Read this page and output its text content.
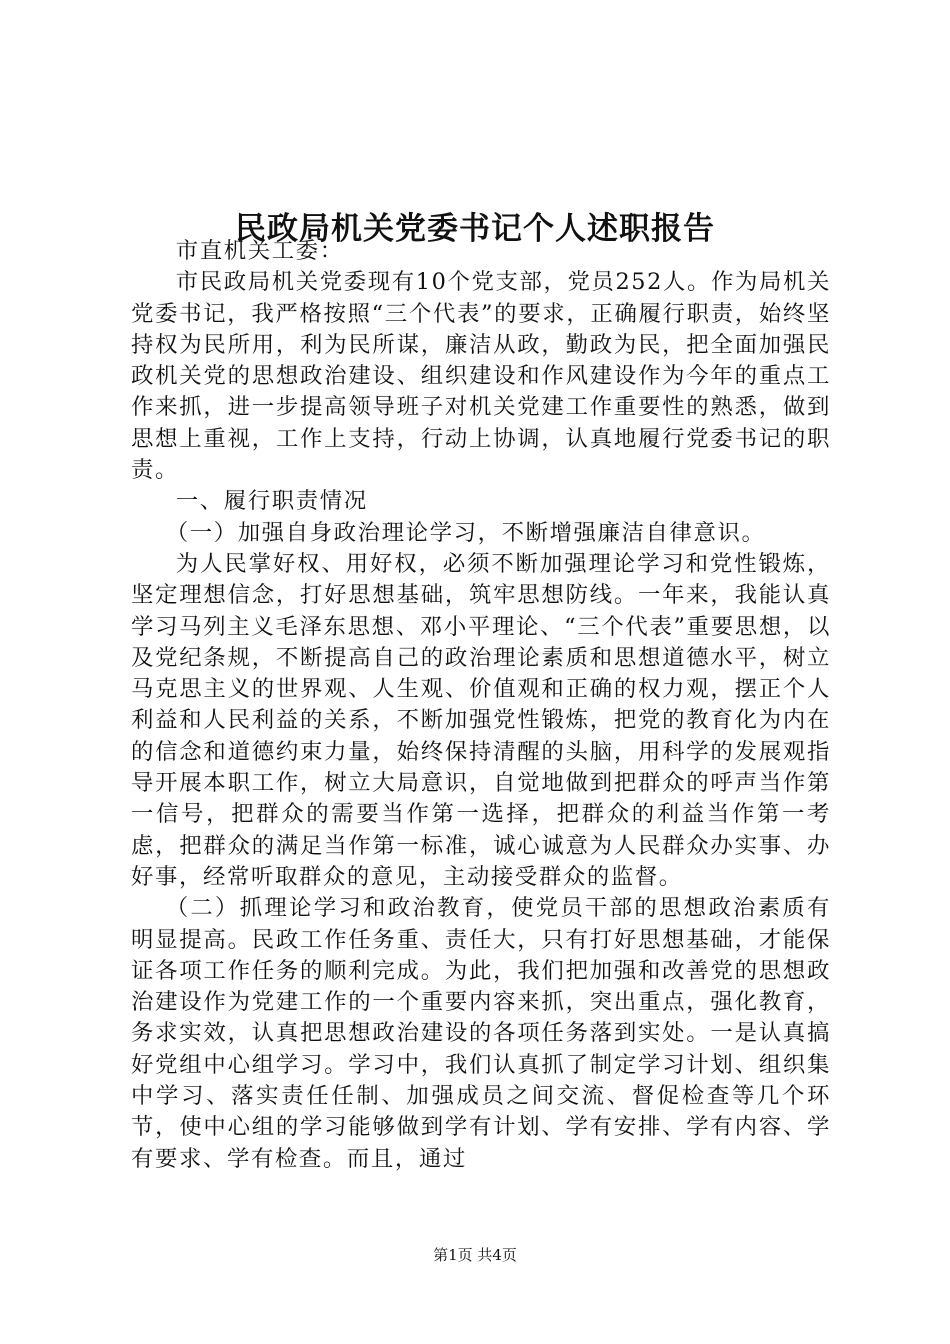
民政局机关党委书记个人述职报告

市直机关工委：

市民政局机关党委现有10个党支部，党员252人。作为局机关党委书记，我严格按照“三个代表”的要求，正确履行职责，始终坚持权为民所用，利为民所谋，廉洁从政，勤政为民，把全面加强民政机关党的思想政治建设、组织建设和作风建设作为今年的重点工作来抓，进一步提高领导班子对机关党建工作重要性的熟悉，做到思想上重视，工作上支持，行动上协调，认真地履行党委书记的职责。

一、履行职责情况

（一）加强自身政治理论学习，不断增强廉洁自律意识。

为人民掌好权、用好权，必须不断加强理论学习和党性锻炼，坚定理想信念，打好思想基础，筑牢思想防线。一年来，我能认真学习马列主义毛泽东思想、邓小平理论、“三个代表”重要思想，以及党纪条规，不断提高自己的政治理论素质和思想道德水平，树立马克思主义的世界观、人生观、价值观和正确的权力观，摆正个人利益和人民利益的关系，不断加强党性锻炼，把党的教育化为内在的信念和道德约束力量，始终保持清醒的头脑，用科学的发展观指导开展本职工作，树立大局意识，自觉地做到把群众的呼声当作第一信号，把群众的需要当作第一选择，把群众的利益当作第一考虑，把群众的满足当作第一标准，诚心诚意为人民群众办实事、办好事，经常听取群众的意见，主动接受群众的监督。

（二）抓理论学习和政治教育，使党员干部的思想政治素质有明显提高。民政工作任务重、责任大，只有打好思想基础，才能保证各项工作任务的顺利完成。为此，我们把加强和改善党的思想政治建设作为党建工作的一个重要内容来抓，突出重点，强化教育，务求实效，认真把思想政治建设的各项任务落到实处。一是认真搞好党组中心组学习。学习中，我们认真抓了制定学习计划、组织集中学习、落实责任任制、加强成员之间交流、督促检查等几个环节，使中心组的学习能够做到学有计划、学有安排、学有内容、学有要求、学有检查。而且，通过

第1页 共4页
